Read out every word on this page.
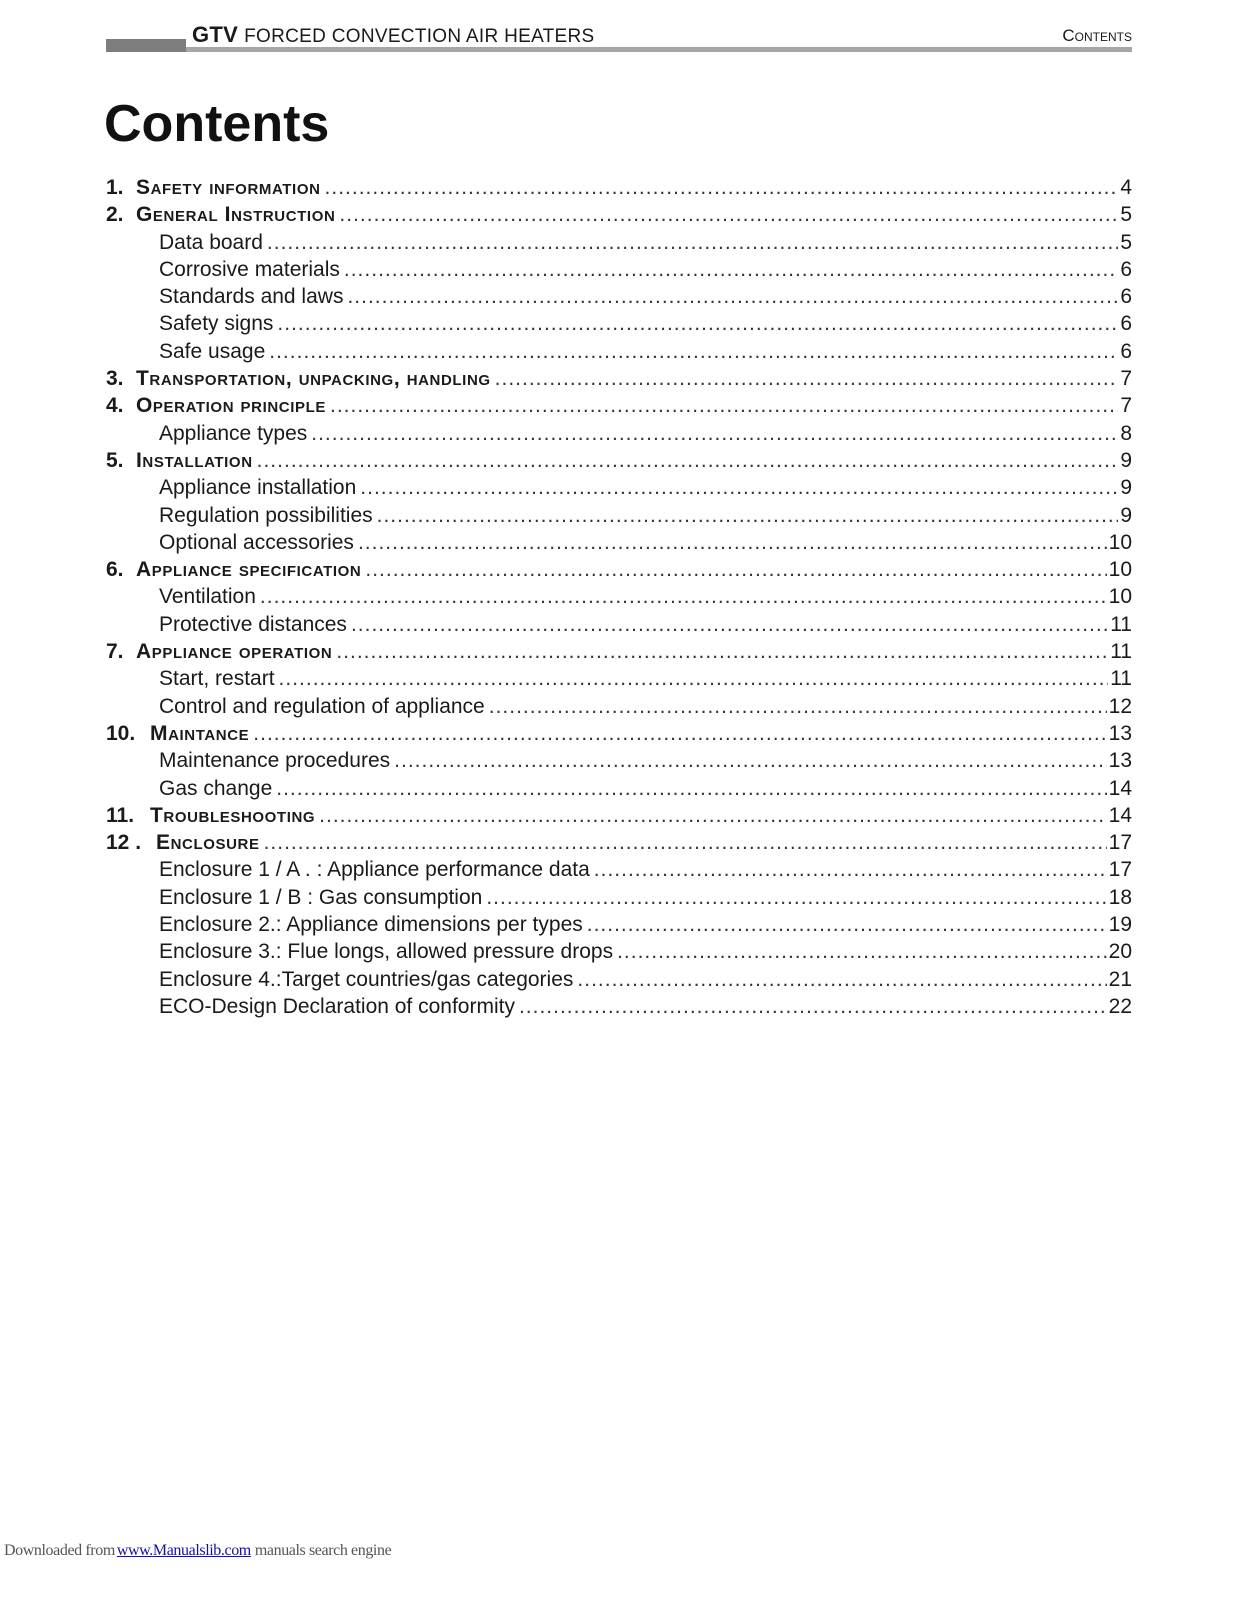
GTV FORCED CONVECTION AIR HEATERS	Contents
Contents
1. Safety information .....	4
2. General Instruction .....	5
Data board .....	5
Corrosive materials .....	6
Standards and laws .....	6
Safety signs .....	6
Safe usage .....	6
3. Transportation, unpacking, handling .....	7
4. Operation principle .....	7
Appliance types .....	8
5. Installation .....	9
Appliance installation .....	9
Regulation possibilities .....	9
Optional accessories .....	10
6. Appliance specification .....	10
Ventilation .....	10
Protective distances .....	11
7. Appliance operation .....	11
Start, restart .....	11
Control and regulation of appliance .....	12
10. Maintance .....	13
Maintenance procedures .....	13
Gas change .....	14
11. Troubleshooting .....	14
12 . Enclosure .....	17
Enclosure 1 / A . : Appliance performance data .....	17
Enclosure 1 / B : Gas consumption .....	18
Enclosure 2.: Appliance dimensions per types .....	19
Enclosure 3.: Flue longs, allowed pressure drops .....	20
Enclosure 4.:Target countries/gas categories .....	21
ECO-Design Declaration of conformity .....	22
Downloaded from www.Manualslib.com manuals search engine
